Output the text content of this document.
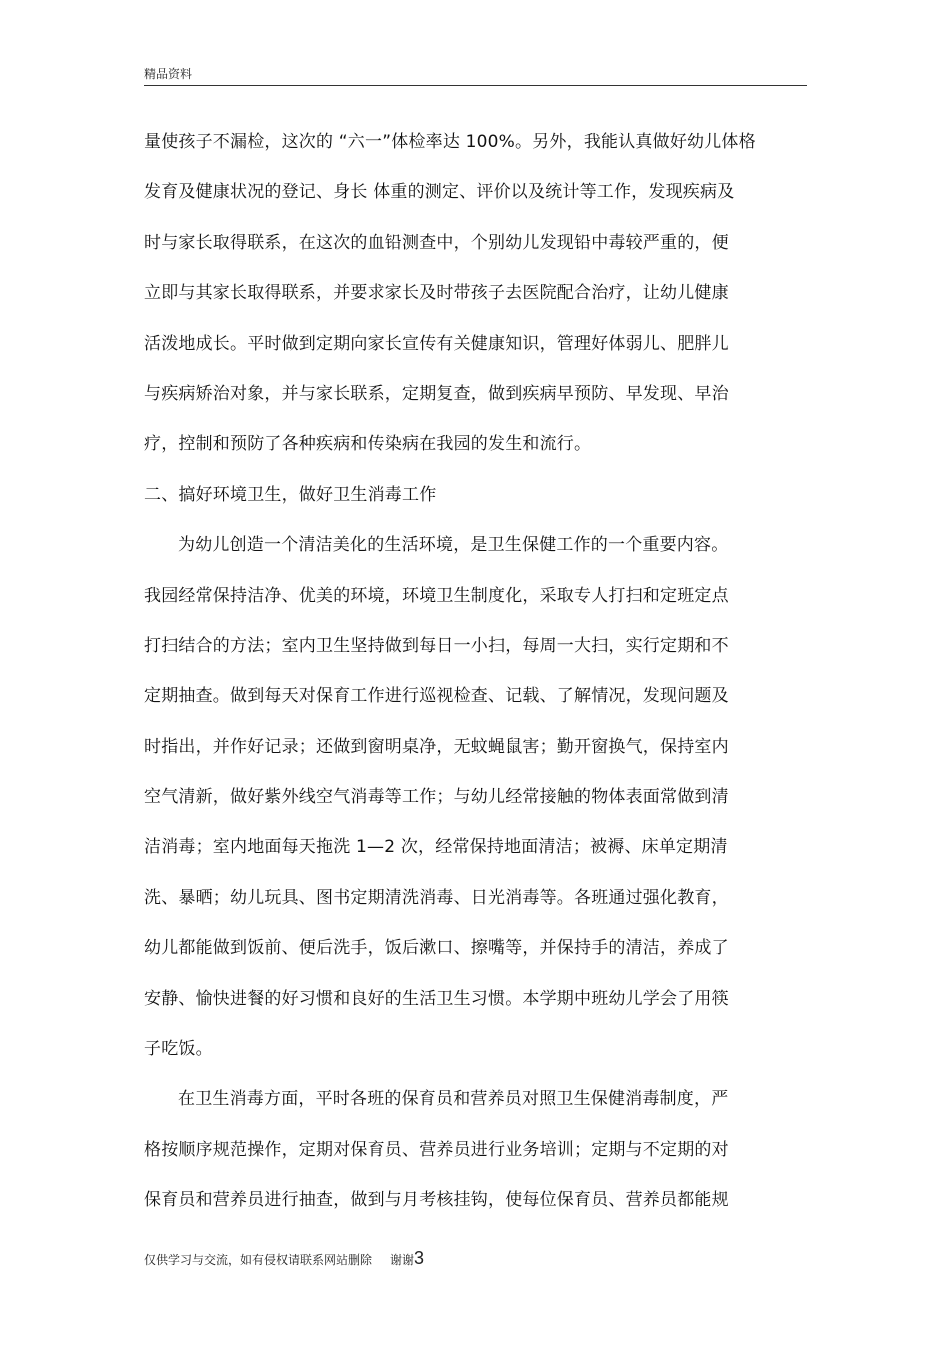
精品资料
量使孩子不漏检，这次的 “六一”体检率达 100%。另外，我能认真做好幼儿体格
发育及健康状况的登记、身长 体重的测定、评价以及统计等工作，发现疾病及
时与家长取得联系，在这次的血铅测查中，个别幼儿发现铅中毒较严重的，便
立即与其家长取得联系，并要求家长及时带孩子去医院配合治疗，让幼儿健康
活泼地成长。平时做到定期向家长宣传有关健康知识，管理好体弱儿、肥胖儿
与疾病矫治对象，并与家长联系，定期复查，做到疾病早预防、早发现、早治
疗，控制和预防了各种疾病和传染病在我园的发生和流行。
二、搞好环境卫生，做好卫生消毒工作
为幼儿创造一个清洁美化的生活环境，是卫生保健工作的一个重要内容。
我园经常保持洁净、优美的环境，环境卫生制度化，采取专人打扫和定班定点
打扫结合的方法；室内卫生坚持做到每日一小扫，每周一大扫，实行定期和不
定期抽查。做到每天对保育工作进行巡视检查、记载、了解情况，发现问题及
时指出，并作好记录；还做到窗明桌净，无蚊蝇鼠害；勤开窗换气，保持室内
空气清新，做好紫外线空气消毒等工作；与幼儿经常接触的物体表面常做到清
洁消毒；室内地面每天拖洗 1—2 次，经常保持地面清洁；被褥、床单定期清
洗、暴晒；幼儿玩具、图书定期清洗消毒、日光消毒等。各班通过强化教育，
幼儿都能做到饭前、便后洗手，饭后漱口、擦嘴等，并保持手的清洁，养成了
安静、愉快进餐的好习惯和良好的生活卫生习惯。本学期中班幼儿学会了用筷
子吃饭。
在卫生消毒方面，平时各班的保育员和营养员对照卫生保健消毒制度，严
格按顺序规范操作，定期对保育员、营养员进行业务培训；定期与不定期的对
保育员和营养员进行抽查，做到与月考核挂钩，使每位保育员、营养员都能规
仅供学习与交流，如有侵权请联系网站删除 谢谢3
